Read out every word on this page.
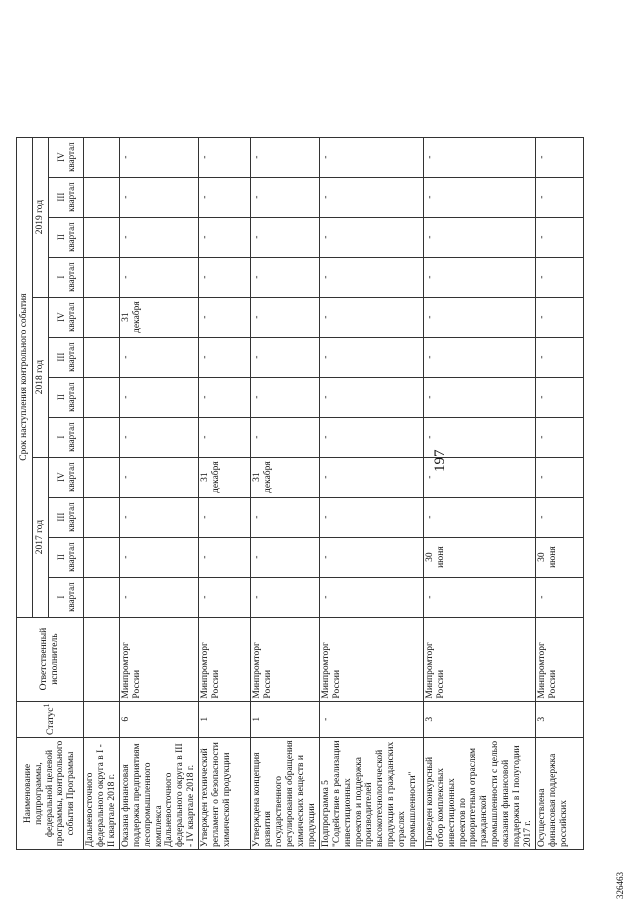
197
Наименование подпрограммы, федеральной целевой программы, контрольного события Программы	Статус$^1$	Ответственный исполнитель	Срок наступления контрольного события											
			2017 год				2018 год				2019 год			

			I квартал	II квартал	III квартал	IV квартал	I квартал	II квартал	III квартал	IV квартал	I квартал	II квартал	III квартал	IV квартал

Дальневосточного федерального округа в I - II квартале 2018 г.			

Оказана финансовая поддержка предприятиям лесопромышленного комплекса Дальневосточного федерального округа в III - IV квартале 2018 г.	6	Минпромторг России	-	-	-	-	-	-	-	31 декабря	-	-	-	-

Утвержден технический регламент о безопасности химической продукции	1	Минпромторг России	-	-	-	31 декабря	-	-	-	-	-	-	-	-

Утверждена концепция развития государственного регулирования обращения химических веществ и продукции	1	Минпромторг России	-	-	-	31 декабря	-	-	-	-	-	-	-	-

Подпрограмма 5 "Содействие в реализации инвестиционных проектов и поддержка производителей высокотехнологической продукции в гражданских отраслях промышленности"	-	Минпромторг России	-	-	-	-	-	-	-	-	-	-	-	-

Проведен конкурсный отбор комплексных инвестиционных проектов по приоритетным отраслям гражданской промышленности с целью оказания финансовой поддержки в I полугодии 2017 г.	3	Минпромторг России	-	30 июня	-	-	-	-	-	-	-	-	-	-

Осуществлена финансовая поддержка российских	3	Минпромторг России	-	30 июня	-	-	-	-	-	-	-	-	-	-
326463
